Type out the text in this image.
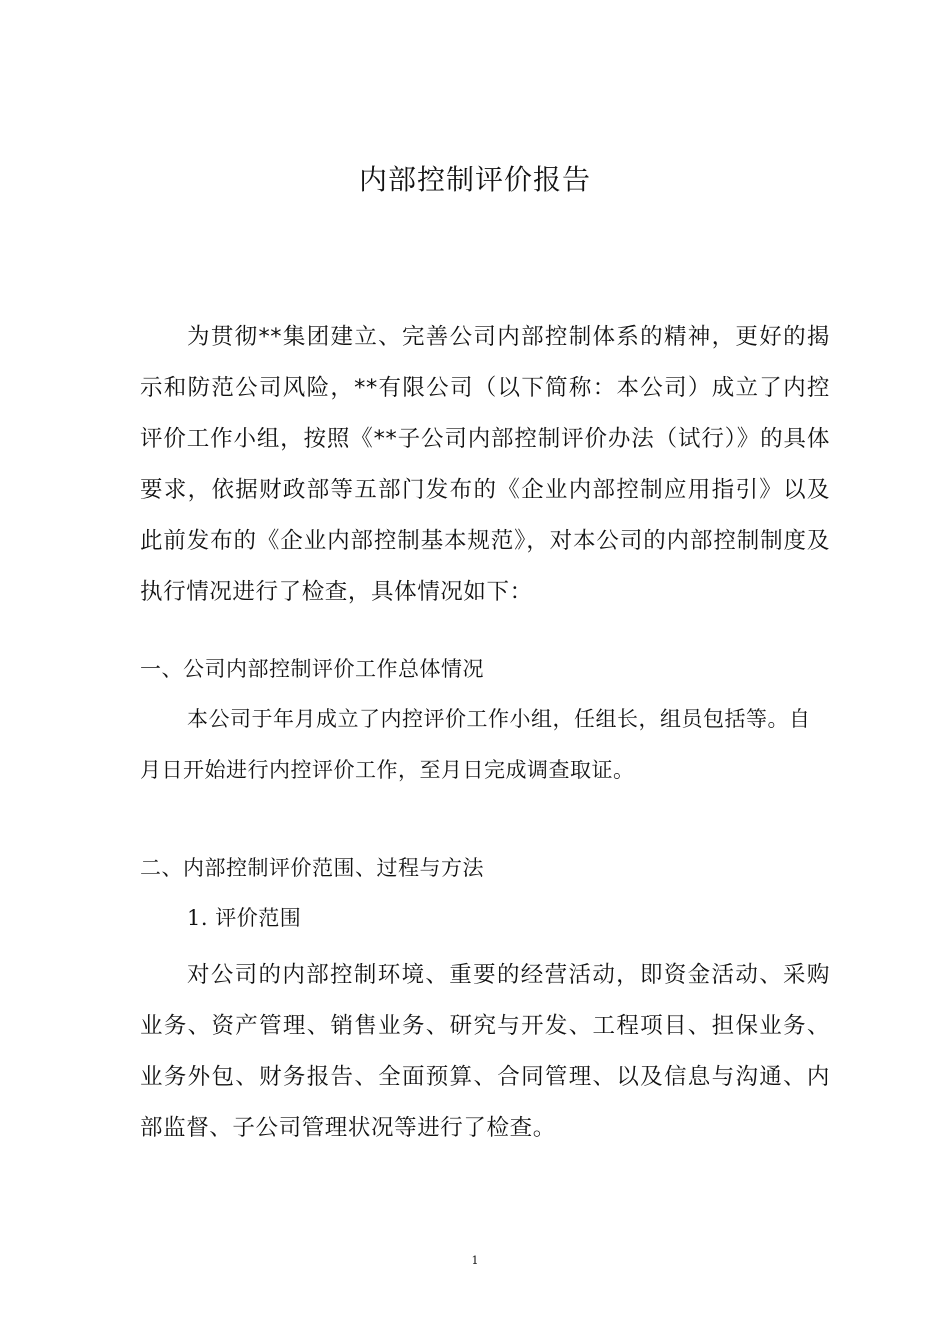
内部控制评价报告

为贯彻**集团建立、完善公司内部控制体系的精神，更好的揭示和防范公司风险，**有限公司（以下简称：本公司）成立了内控评价工作小组，按照《**子公司内部控制评价办法（试行）》的具体要求，依据财政部等五部门发布的《企业内部控制应用指引》以及此前发布的《企业内部控制基本规范》，对本公司的内部控制制度及执行情况进行了检查，具体情况如下：

一、公司内部控制评价工作总体情况

本公司于年月成立了内控评价工作小组，任组长，组员包括等。自月日开始进行内控评价工作，至月日完成调查取证。

二、内部控制评价范围、过程与方法

1. 评价范围

对公司的内部控制环境、重要的经营活动，即资金活动、采购业务、资产管理、销售业务、研究与开发、工程项目、担保业务、业务外包、财务报告、全面预算、合同管理、以及信息与沟通、内部监督、子公司管理状况等进行了检查。

1
